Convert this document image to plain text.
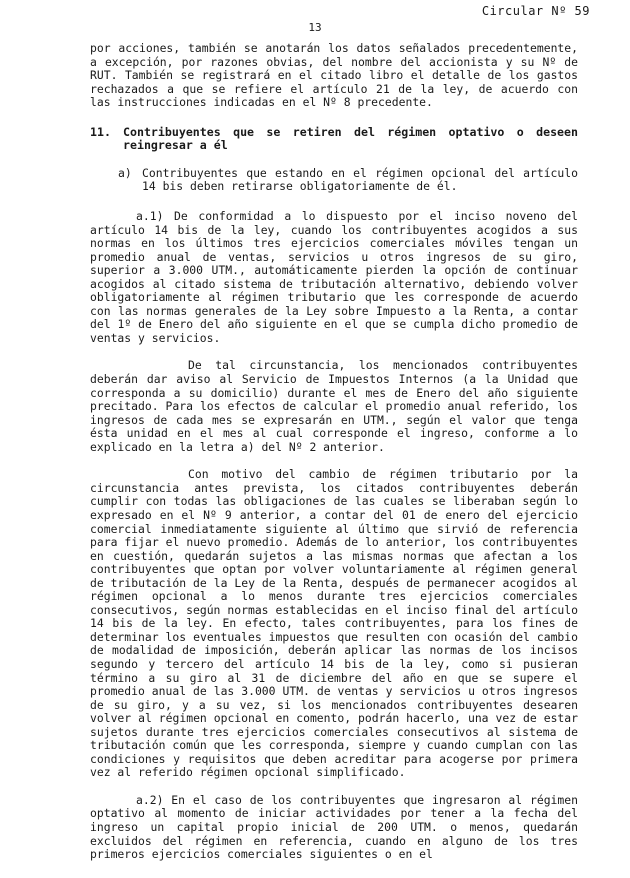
Circular Nº 59
13

por acciones, también se anotarán los datos señalados precedentemente, a excepción, por razones obvias, del nombre del accionista y su Nº de RUT. También se registrará en el citado libro el detalle de los gastos rechazados a que se refiere el artículo 21 de la ley, de acuerdo con las instrucciones indicadas en el Nº 8 precedente.

11.	Contribuyentes que se retiren del régimen optativo o deseen reingresar a él
a) Contribuyentes que estando en el régimen opcional del artículo 14 bis deben retirarse obligatoriamente de él.

a.1) De conformidad a lo dispuesto por el inciso noveno del artículo 14 bis de la ley, cuando los contribuyentes acogidos a sus normas en los últimos tres ejercicios comerciales móviles tengan un promedio anual de ventas, servicios u otros ingresos de su giro, superior a 3.000 UTM., automáticamente pierden la opción de continuar acogidos al citado sistema de tributación alternativo, debiendo volver obligatoriamente al régimen tributario que les corresponde de acuerdo con las normas generales de la Ley sobre Impuesto a la Renta, a contar del 1º de Enero del año siguiente en el que se cumpla dicho promedio de ventas y servicios.

De tal circunstancia, los mencionados contribuyentes deberán dar aviso al Servicio de Impuestos Internos (a la Unidad que corresponda a su domicilio) durante el mes de Enero del año siguiente precitado. Para los efectos de calcular el promedio anual referido, los ingresos de cada mes se expresarán en UTM., según el valor que tenga ésta unidad en el mes al cual corresponde el ingreso, conforme a lo explicado en la letra a) del Nº 2 anterior.

Con motivo del cambio de régimen tributario por la circunstancia antes prevista, los citados contribuyentes deberán cumplir con todas las obligaciones de las cuales se liberaban según lo expresado en el Nº 9 anterior, a contar del 01 de enero del ejercicio comercial inmediatamente siguiente al último que sirvió de referencia para fijar el nuevo promedio. Además de lo anterior, los contribuyentes en cuestión, quedarán sujetos a las mismas normas que afectan a los contribuyentes que optan por volver voluntariamente al régimen general de tributación de la Ley de la Renta, después de permanecer acogidos al régimen opcional a lo menos durante tres ejercicios comerciales consecutivos, según normas establecidas en el inciso final del artículo 14 bis de la ley. En efecto, tales contribuyentes, para los fines de determinar los eventuales impuestos que resulten con ocasión del cambio de modalidad de imposición, deberán aplicar las normas de los incisos segundo y tercero del artículo 14 bis de la ley, como si pusieran término a su giro al 31 de diciembre del año en que se supere el promedio anual de las 3.000 UTM. de ventas y servicios u otros ingresos de su giro, y a su vez, si los mencionados contribuyentes desearen volver al régimen opcional en comento, podrán hacerlo, una vez de estar sujetos durante tres ejercicios comerciales consecutivos al sistema de tributación común que les corresponda, siempre y cuando cumplan con las condiciones y requisitos que deben acreditar para acogerse por primera vez al referido régimen opcional simplificado.

a.2) En el caso de los contribuyentes que ingresaron al régimen optativo al momento de iniciar actividades por tener a la fecha del ingreso un capital propio inicial de 200 UTM. o menos, quedarán excluidos del régimen en referencia, cuando en alguno de los tres primeros ejercicios comerciales siguientes o en el
